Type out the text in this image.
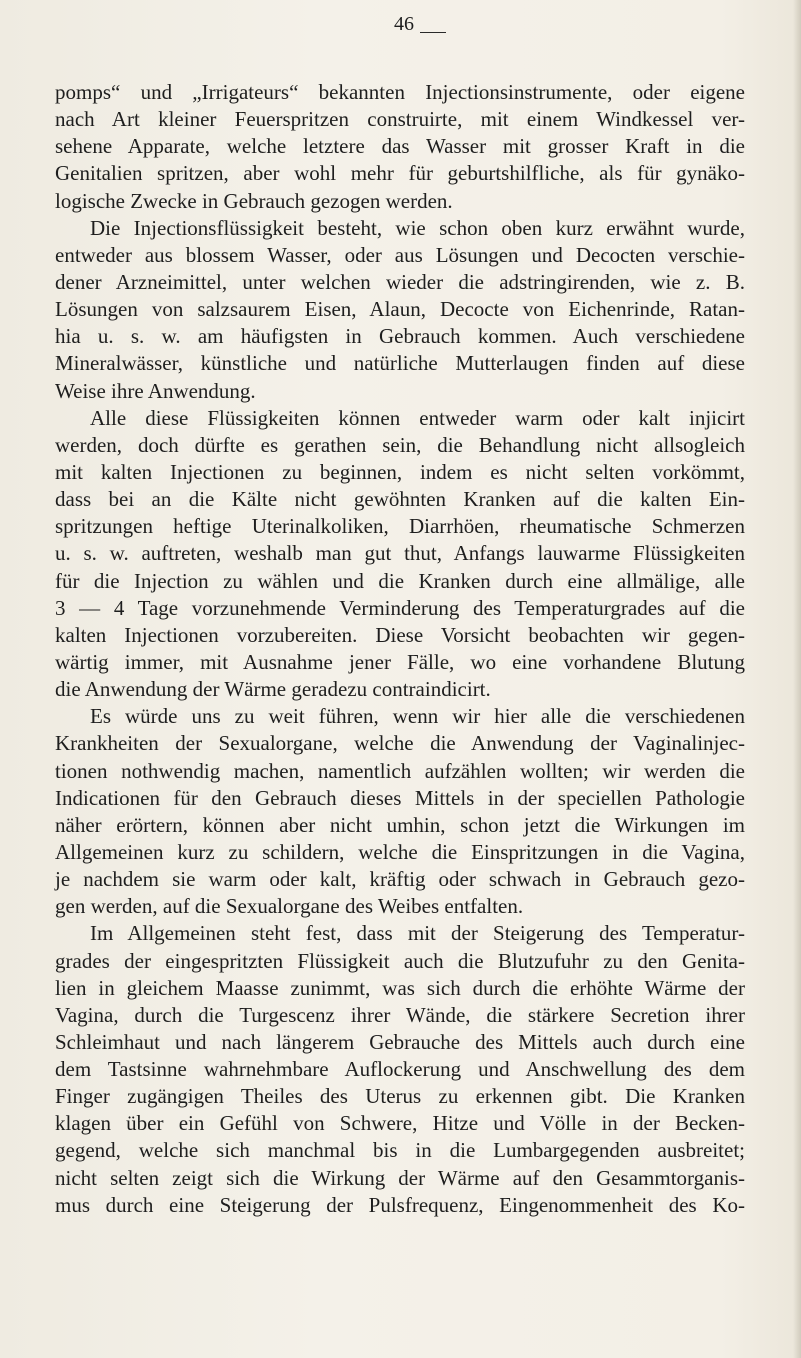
46
pomps“ und „Irrigateurs“ bekannten Injectionsinstrumente, oder eigene
nach Art kleiner Feuerspritzen construirte, mit einem Windkessel ver-
sehene Apparate, welche letztere das Wasser mit grosser Kraft in die
Genitalien spritzen, aber wohl mehr für geburtshilfliche, als für gynäko-
logische Zwecke in Gebrauch gezogen werden.
Die Injectionsflüssigkeit besteht, wie schon oben kurz erwähnt wurde,
entweder aus blossem Wasser, oder aus Lösungen und Decocten verschie-
dener Arzneimittel, unter welchen wieder die adstringirenden, wie z. B.
Lösungen von salzsaurem Eisen, Alaun, Decocte von Eichenrinde, Ratan-
hia u. s. w. am häufigsten in Gebrauch kommen. Auch verschiedene
Mineralwässer, künstliche und natürliche Mutterlaugen finden auf diese
Weise ihre Anwendung.
Alle diese Flüssigkeiten können entweder warm oder kalt injicirt
werden, doch dürfte es gerathen sein, die Behandlung nicht allsogleich
mit kalten Injectionen zu beginnen, indem es nicht selten vorkömmt,
dass bei an die Kälte nicht gewöhnten Kranken auf die kalten Ein-
spritzungen heftige Uterinalkoliken, Diarrhöen, rheumatische Schmerzen
u. s. w. auftreten, weshalb man gut thut, Anfangs lauwarme Flüssigkeiten
für die Injection zu wählen und die Kranken durch eine allmälige, alle
3 — 4 Tage vorzunehmende Verminderung des Temperaturgrades auf die
kalten Injectionen vorzubereiten. Diese Vorsicht beobachten wir gegen-
wärtig immer, mit Ausnahme jener Fälle, wo eine vorhandene Blutung
die Anwendung der Wärme geradezu contraindicirt.
Es würde uns zu weit führen, wenn wir hier alle die verschiedenen
Krankheiten der Sexualorgane, welche die Anwendung der Vaginalinjec-
tionen nothwendig machen, namentlich aufzählen wollten; wir werden die
Indicationen für den Gebrauch dieses Mittels in der speciellen Pathologie
näher erörtern, können aber nicht umhin, schon jetzt die Wirkungen im
Allgemeinen kurz zu schildern, welche die Einspritzungen in die Vagina,
je nachdem sie warm oder kalt, kräftig oder schwach in Gebrauch gezo-
gen werden, auf die Sexualorgane des Weibes entfalten.
Im Allgemeinen steht fest, dass mit der Steigerung des Temperatur-
grades der eingespritzten Flüssigkeit auch die Blutzufuhr zu den Genita-
lien in gleichem Maasse zunimmt, was sich durch die erhöhte Wärme der
Vagina, durch die Turgescenz ihrer Wände, die stärkere Secretion ihrer
Schleimhaut und nach längerem Gebrauche des Mittels auch durch eine
dem Tastsinne wahrnehmbare Auflockerung und Anschwellung des dem
Finger zugängigen Theiles des Uterus zu erkennen gibt. Die Kranken
klagen über ein Gefühl von Schwere, Hitze und Völle in der Becken-
gegend, welche sich manchmal bis in die Lumbargegenden ausbreitet;
nicht selten zeigt sich die Wirkung der Wärme auf den Gesammtorganis-
mus durch eine Steigerung der Pulsfrequenz, Eingenommenheit des Ko-
